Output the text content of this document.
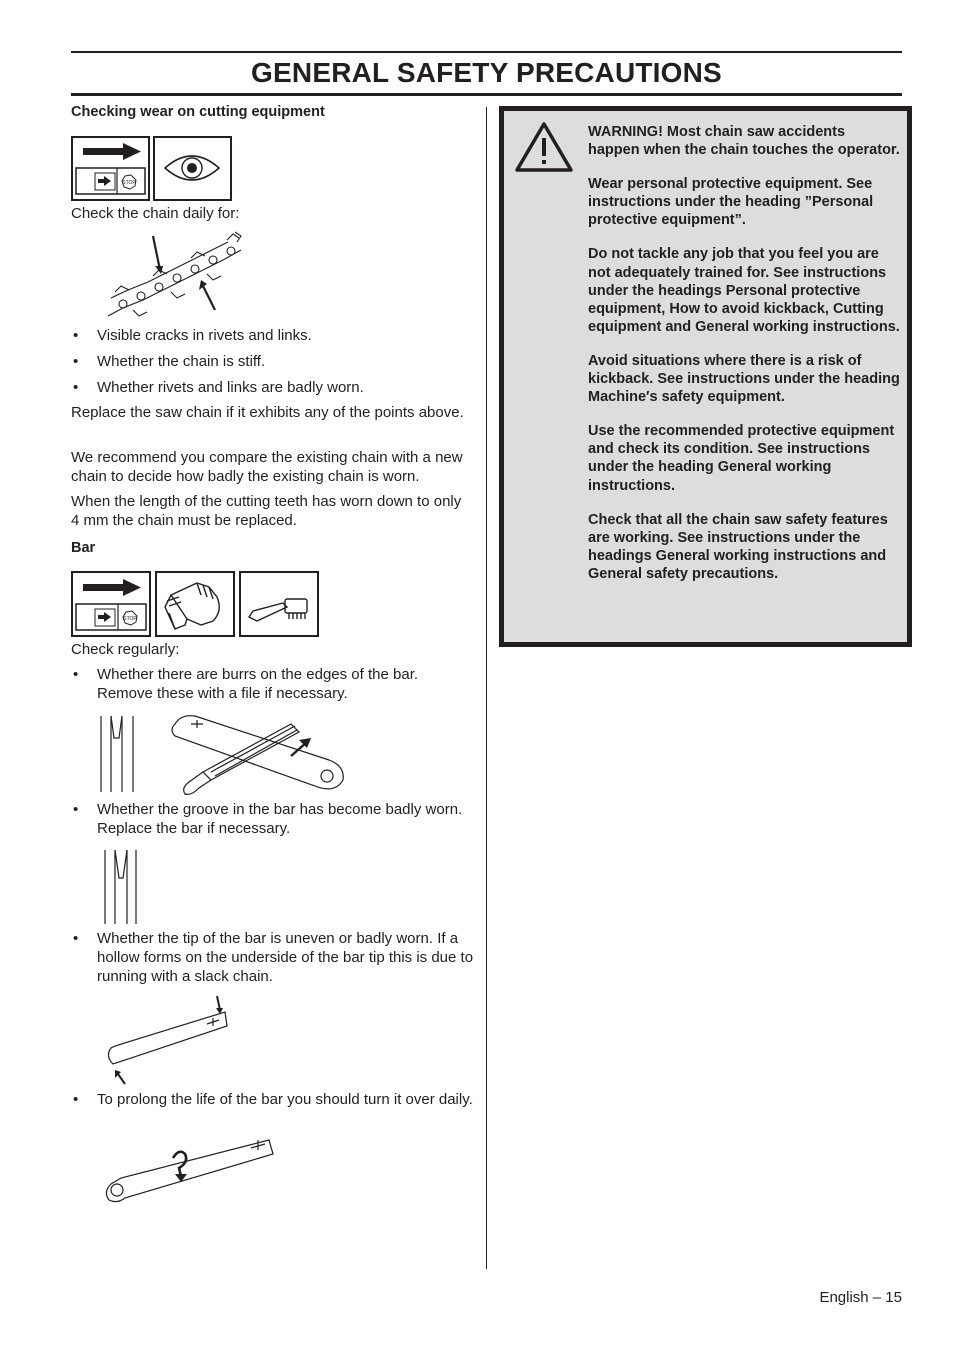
GENERAL SAFETY PRECAUTIONS
Checking wear on cutting equipment
STOP

Check the chain daily for:

• Visible cracks in rivets and links.
• Whether the chain is stiff.
• Whether rivets and links are badly worn.

Replace the saw chain if it exhibits any of the points above.

We recommend you compare the existing chain with a new chain to decide how badly the existing chain is worn.

When the length of the cutting teeth has worn down to only 4 mm the chain must be replaced.

Bar
STOP

Check regularly:

• Whether there are burrs on the edges of the bar. Remove these with a file if necessary.
• Whether the groove in the bar has become badly worn. Replace the bar if necessary.
• Whether the tip of the bar is uneven or badly worn. If a hollow forms on the underside of the bar tip this is due to running with a slack chain.
• To prolong the life of the bar you should turn it over daily.

WARNING! Most chain saw accidents happen when the chain touches the operator.

Wear personal protective equipment. See instructions under the heading ”Personal protective equipment”.

Do not tackle any job that you feel you are not adequately trained for. See instructions under the headings Personal protective equipment, How to avoid kickback, Cutting equipment and General working instructions.

Avoid situations where there is a risk of kickback. See instructions under the heading Machine′s safety equipment.

Use the recommended protective equipment and check its condition. See instructions under the heading General working instructions.

Check that all the chain saw safety features are working. See instructions under the headings General working instructions and General safety precautions.

English – 15
